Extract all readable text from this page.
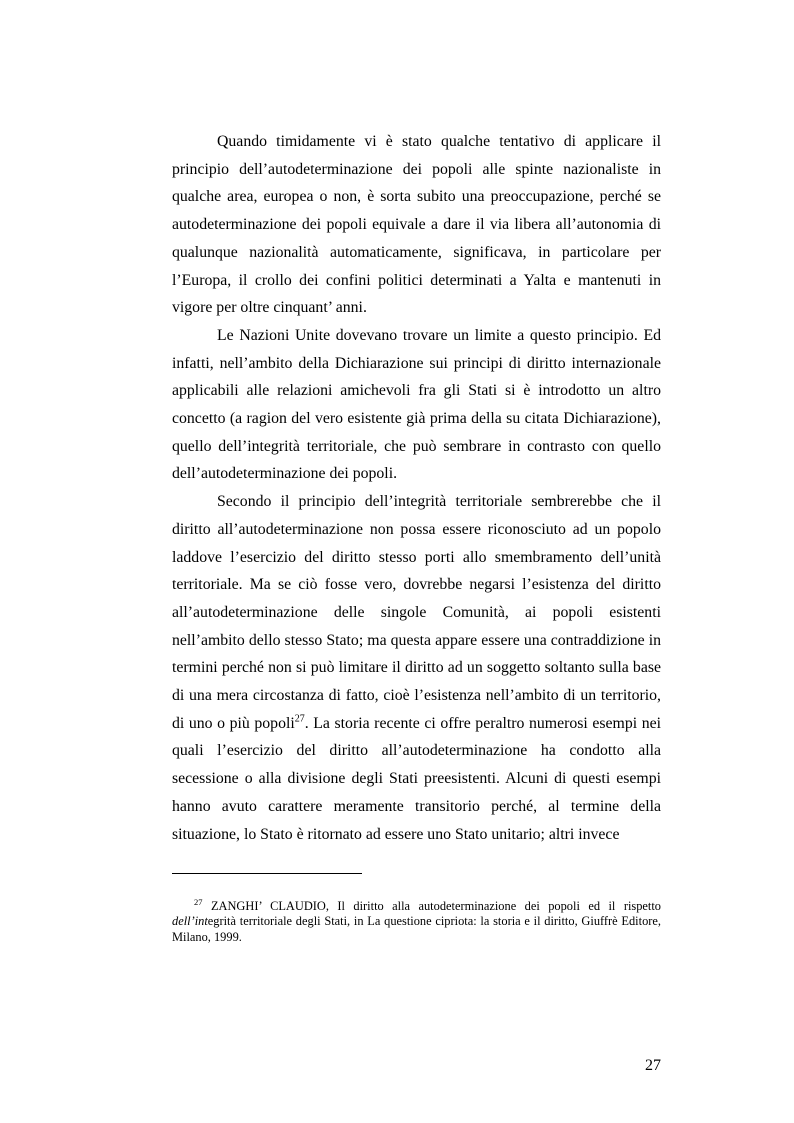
Quando timidamente vi è stato qualche tentativo di applicare il principio dell’autodeterminazione dei popoli alle spinte nazionaliste in qualche area, europea o non, è sorta subito una preoccupazione, perché se autodeterminazione dei popoli equivale a dare il via libera all’autonomia di qualunque nazionalità automaticamente, significava, in particolare per l’Europa, il crollo dei confini politici determinati a Yalta e mantenuti in vigore per oltre cinquant’ anni.

Le Nazioni Unite dovevano trovare un limite a questo principio. Ed infatti, nell’ambito della Dichiarazione sui principi di diritto internazionale applicabili alle relazioni amichevoli fra gli Stati si è introdotto un altro concetto (a ragion del vero esistente già prima della su citata Dichiarazione), quello dell’integrità territoriale, che può sembrare in contrasto con quello dell’autodeterminazione dei popoli.

Secondo il principio dell’integrità territoriale sembrerebbe che il diritto all’autodeterminazione non possa essere riconosciuto ad un popolo laddove l’esercizio del diritto stesso porti allo smembramento dell’unità territoriale. Ma se ciò fosse vero, dovrebbe negarsi l’esistenza del diritto all’autodeterminazione delle singole Comunità, ai popoli esistenti nell’ambito dello stesso Stato; ma questa appare essere una contraddizione in termini perché non si può limitare il diritto ad un soggetto soltanto sulla base di una mera circostanza di fatto, cioè l’esistenza nell’ambito di un territorio, di uno o più popoli$^{27}$. La storia recente ci offre peraltro numerosi esempi nei quali l’esercizio del diritto all’autodeterminazione ha condotto alla secessione o alla divisione degli Stati preesistenti. Alcuni di questi esempi hanno avuto carattere meramente transitorio perché, al termine della situazione, lo Stato è ritornato ad essere uno Stato unitario; altri invece

$^{27}$ ZANGHI’ CLAUDIO, Il diritto alla autodeterminazione dei popoli ed il rispetto dell’integrità territoriale degli Stati, in La questione cipriota: la storia e il diritto, Giuffrè Editore, Milano, 1999.
27
